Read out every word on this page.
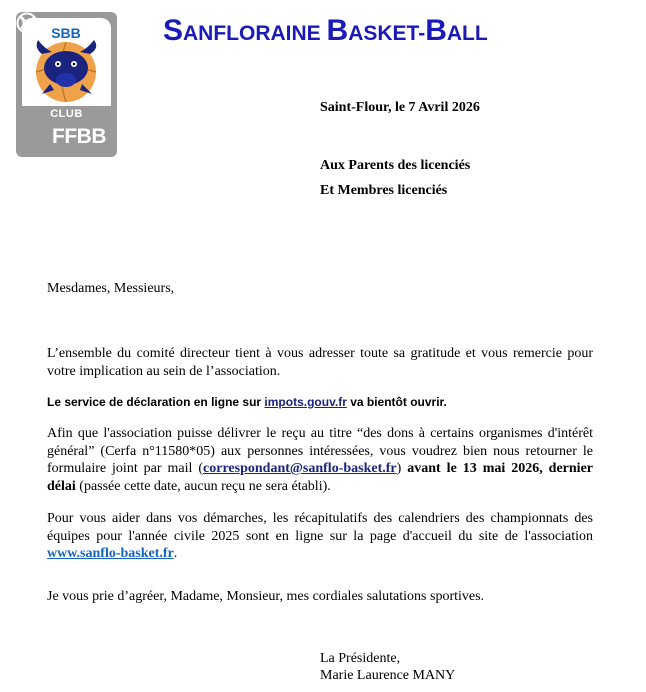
SBB
CLUB
FFBB
SANFLORAINE BASKET-BALL
Saint-Flour, le 7 Avril 2026
Aux Parents des licenciés
Et Membres licenciés
Mesdames, Messieurs,
L’ensemble du comité directeur tient à vous adresser toute sa gratitude et vous remercie pour votre implication au sein de l’association.
Le service de déclaration en ligne sur impots.gouv.fr va bientôt ouvrir.
Afin que l'association puisse délivrer le reçu au titre “des dons à certains organismes d'intérêt général” (Cerfa n°11580*05) aux personnes intéressées, vous voudrez bien nous retourner le formulaire joint par mail (correspondant@sanflo-basket.fr) avant le 13 mai 2026, dernier délai (passée cette date, aucun reçu ne sera établi).
Pour vous aider dans vos démarches, les récapitulatifs des calendriers des championnats des équipes pour l'année civile 2025 sont en ligne sur la page d'accueil du site de l'association www.sanflo-basket.fr.
Je vous prie d’agréer, Madame, Monsieur, mes cordiales salutations sportives.
La Présidente,
Marie Laurence MANY
